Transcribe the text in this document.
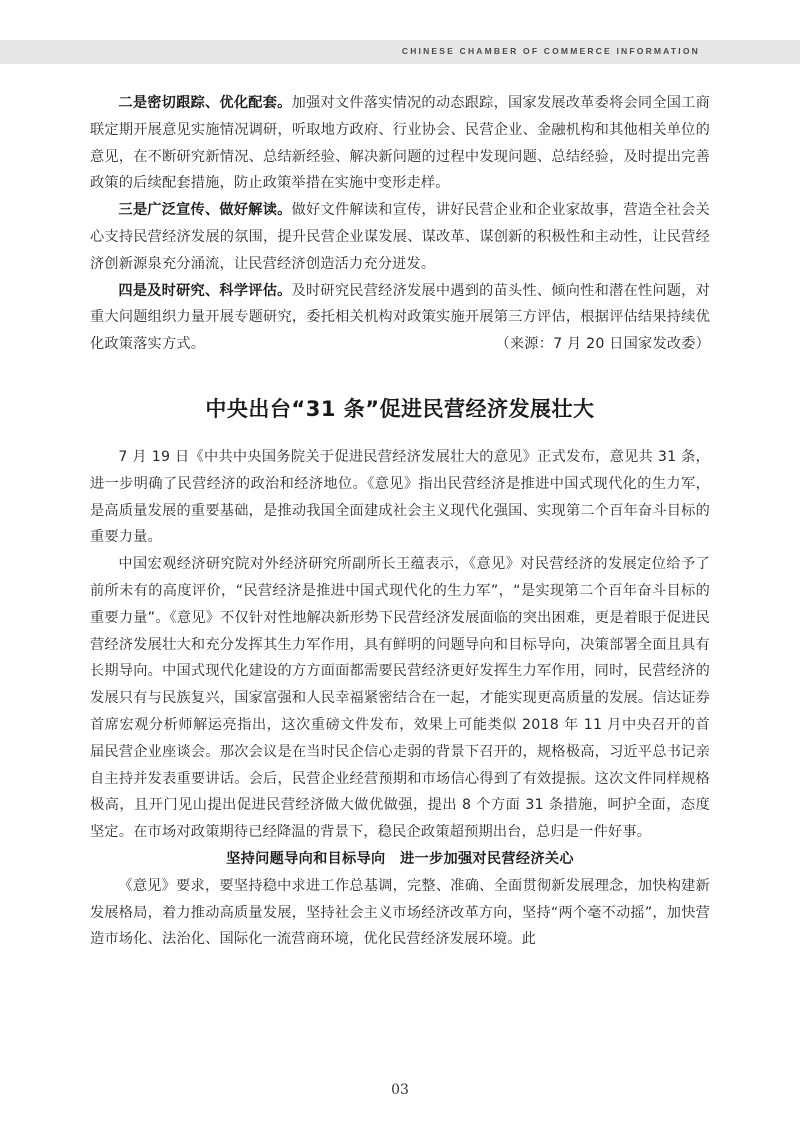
CHINESE CHAMBER OF COMMERCE INFORMATION

二是密切跟踪、优化配套。加强对文件落实情况的动态跟踪，国家发展改革委将会同全国工商联定期开展意见实施情况调研，听取地方政府、行业协会、民营企业、金融机构和其他相关单位的意见，在不断研究新情况、总结新经验、解决新问题的过程中发现问题、总结经验，及时提出完善政策的后续配套措施，防止政策举措在实施中变形走样。

三是广泛宣传、做好解读。做好文件解读和宣传，讲好民营企业和企业家故事，营造全社会关心支持民营经济发展的氛围，提升民营企业谋发展、谋改革、谋创新的积极性和主动性，让民营经济创新源泉充分涌流，让民营经济创造活力充分迸发。

四是及时研究、科学评估。及时研究民营经济发展中遇到的苗头性、倾向性和潜在性问题，对重大问题组织力量开展专题研究，委托相关机构对政策实施开展第三方评估，根据评估结果持续优化政策落实方式。	（来源：7 月 20 日国家发改委）

中央出台“31 条”促进民营经济发展壮大

7 月 19 日《中共中央国务院关于促进民营经济发展壮大的意见》正式发布，意见共 31 条，进一步明确了民营经济的政治和经济地位。《意见》指出民营经济是推进中国式现代化的生力军，是高质量发展的重要基础，是推动我国全面建成社会主义现代化强国、实现第二个百年奋斗目标的重要力量。

中国宏观经济研究院对外经济研究所副所长王蕴表示，《意见》对民营经济的发展定位给予了前所未有的高度评价，“民营经济是推进中国式现代化的生力军”，“是实现第二个百年奋斗目标的重要力量”。《意见》不仅针对性地解决新形势下民营经济发展面临的突出困难，更是着眼于促进民营经济发展壮大和充分发挥其生力军作用，具有鲜明的问题导向和目标导向，决策部署全面且具有长期导向。中国式现代化建设的方方面面都需要民营经济更好发挥生力军作用，同时，民营经济的发展只有与民族复兴，国家富强和人民幸福紧密结合在一起，才能实现更高质量的发展。信达证券首席宏观分析师解运亮指出，这次重磅文件发布，效果上可能类似 2018 年 11 月中央召开的首届民营企业座谈会。那次会议是在当时民企信心走弱的背景下召开的，规格极高，习近平总书记亲自主持并发表重要讲话。会后，民营企业经营预期和市场信心得到了有效提振。这次文件同样规格极高，且开门见山提出促进民营经济做大做优做强，提出 8 个方面 31 条措施，呵护全面，态度坚定。在市场对政策期待已经降温的背景下，稳民企政策超预期出台，总归是一件好事。

坚持问题导向和目标导向　进一步加强对民营经济关心

《意见》要求，要坚持稳中求进工作总基调，完整、准确、全面贯彻新发展理念，加快构建新发展格局，着力推动高质量发展，坚持社会主义市场经济改革方向，坚持“两个毫不动摇”，加快营造市场化、法治化、国际化一流营商环境，优化民营经济发展环境。此

03
